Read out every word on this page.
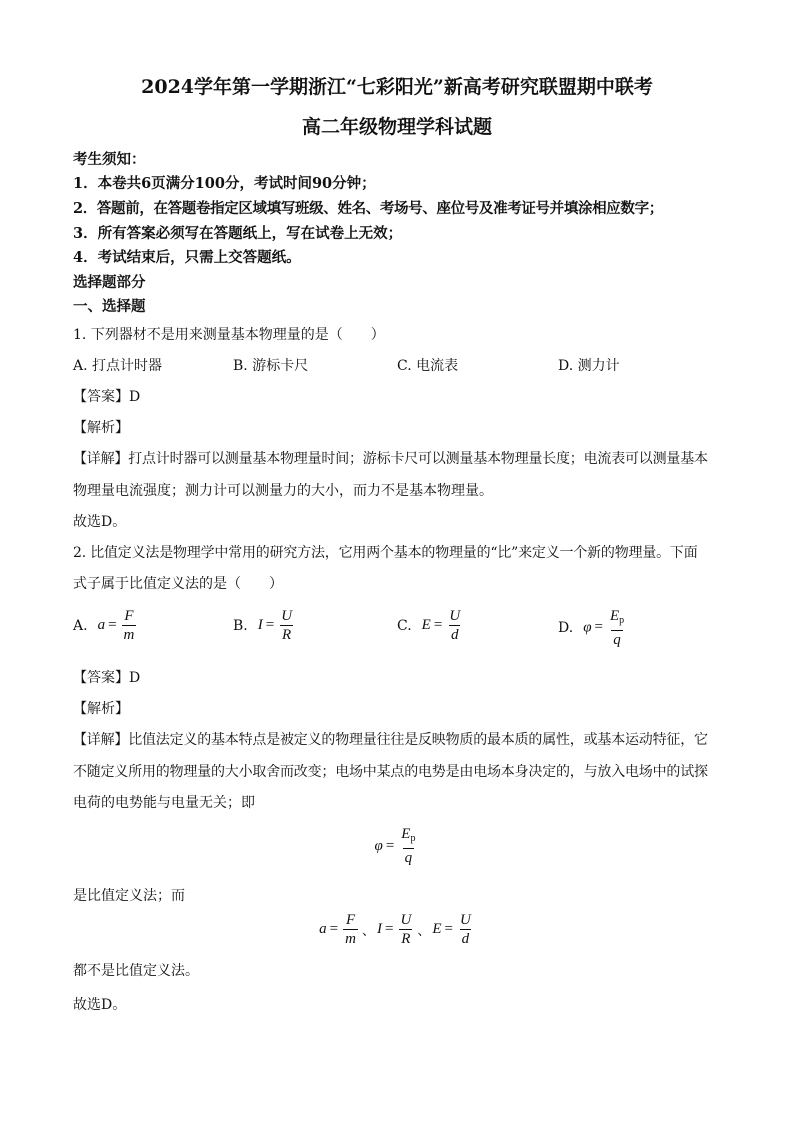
2024学年第一学期浙江“七彩阳光”新高考研究联盟期中联考
高二年级物理学科试题
考生须知：
1．本卷共6页满分100分，考试时间90分钟；
2．答题前，在答题卷指定区域填写班级、姓名、考场号、座位号及准考证号并填涂相应数字；
3．所有答案必须写在答题纸上，写在试卷上无效；
4．考试结束后，只需上交答题纸。
选择题部分
一、选择题
1. 下列器材不是用来测量基本物理量的是（　　）
A. 打点计时器	B. 游标卡尺	C. 电流表	D. 测力计
【答案】D
【解析】
【详解】打点计时器可以测量基本物理量时间；游标卡尺可以测量基本物理量长度；电流表可以测量基本
物理量电流强度；测力计可以测量力的大小，而力不是基本物理量。
故选D。
2. 比值定义法是物理学中常用的研究方法，它用两个基本的物理量的“比”来定义一个新的物理量。下面
式子属于比值定义法的是（　　）
A. $a = \frac{F}{m}$	B. $I = \frac{U}{R}$	C. $E = \frac{U}{d}$	D. $\varphi = \frac{E_p}{q}$
【答案】D
【解析】
【详解】比值法定义的基本特点是被定义的物理量往往是反映物质的最本质的属性，或基本运动特征，它
不随定义所用的物理量的大小取舍而改变；电场中某点的电势是由电场本身决定的，与放入电场中的试探
电荷的电势能与电量无关；即
$\varphi = \frac{E_p}{q}$
是比值定义法；而
$a = \frac{F}{m}$ 、 $I = \frac{U}{R}$ 、 $E = \frac{U}{d}$
都不是比值定义法。
故选D。
